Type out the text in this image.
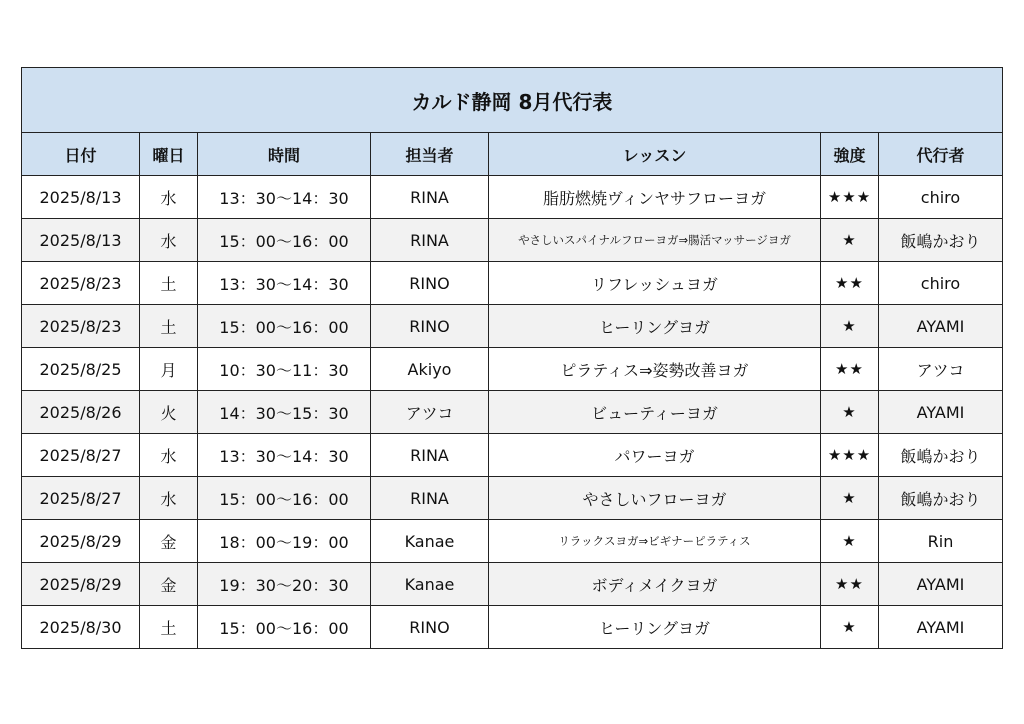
カルド静岡 8月代行表						
日付	曜日	時間	担当者	レッスン	強度	代行者
2025/8/13	水	13：30～14：30	RINA	脂肪燃焼ヴィンヤサフローヨガ	★★★	chiro
2025/8/13	水	15：00～16：00	RINA	やさしいスパイナルフローヨガ⇒腸活マッサージヨガ	★	飯嶋かおり
2025/8/23	土	13：30～14：30	RINO	リフレッシュヨガ	★★	chiro
2025/8/23	土	15：00～16：00	RINO	ヒーリングヨガ	★	AYAMI
2025/8/25	月	10：30～11：30	Akiyo	ピラティス⇒姿勢改善ヨガ	★★	アツコ
2025/8/26	火	14：30～15：30	アツコ	ビューティーヨガ	★	AYAMI
2025/8/27	水	13：30～14：30	RINA	パワーヨガ	★★★	飯嶋かおり
2025/8/27	水	15：00～16：00	RINA	やさしいフローヨガ	★	飯嶋かおり
2025/8/29	金	18：00～19：00	Kanae	リラックスヨガ⇒ビギナーピラティス	★	Rin
2025/8/29	金	19：30～20：30	Kanae	ボディメイクヨガ	★★	AYAMI
2025/8/30	土	15：00～16：00	RINO	ヒーリングヨガ	★	AYAMI
